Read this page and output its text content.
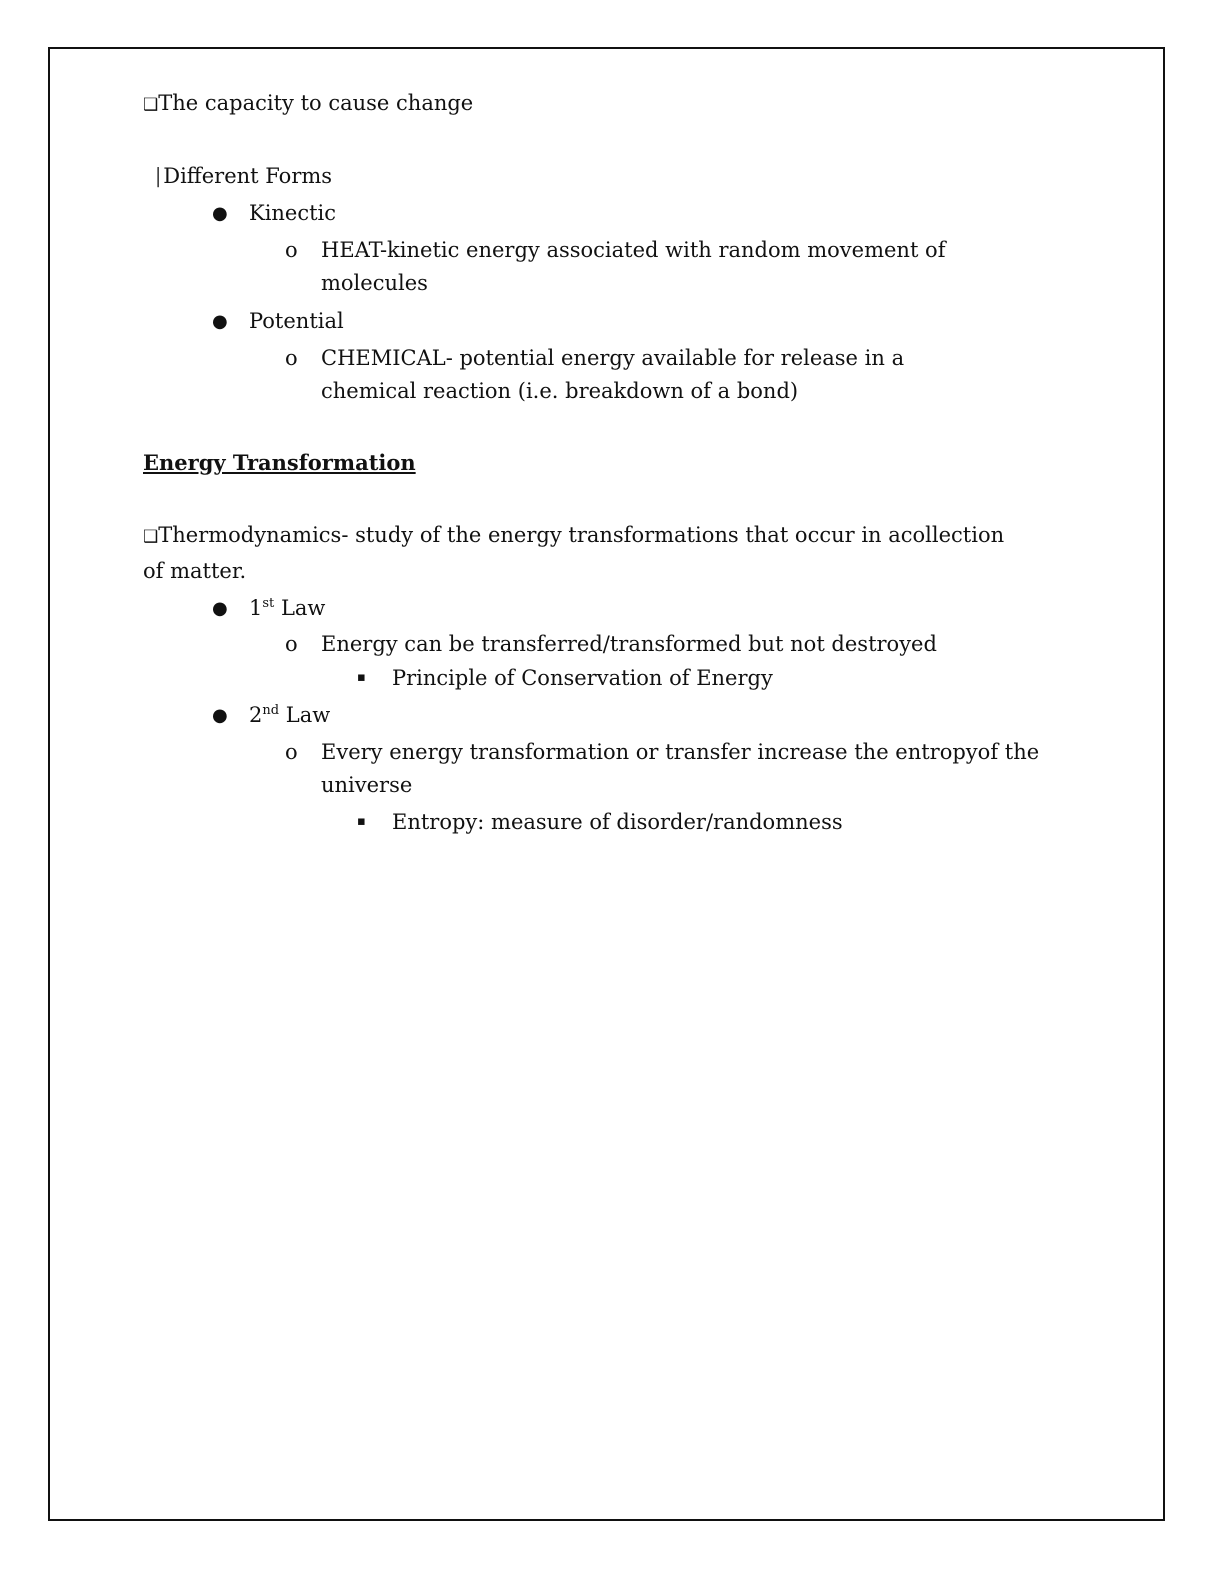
❑The capacity to cause change
│Different Forms
● Kinectic
o HEAT-kinetic energy associated with random movement of
molecules
● Potential
o CHEMICAL- potential energy available for release in a
chemical reaction (i.e. breakdown of a bond)
Energy Transformation
❑Thermodynamics- study of the energy transformations that occur in acollection
of matter.
● 1st Law
o Energy can be transferred/transformed but not destroyed
▪ Principle of Conservation of Energy
● 2nd Law
o Every energy transformation or transfer increase the entropyof the
universe
▪ Entropy: measure of disorder/randomness
